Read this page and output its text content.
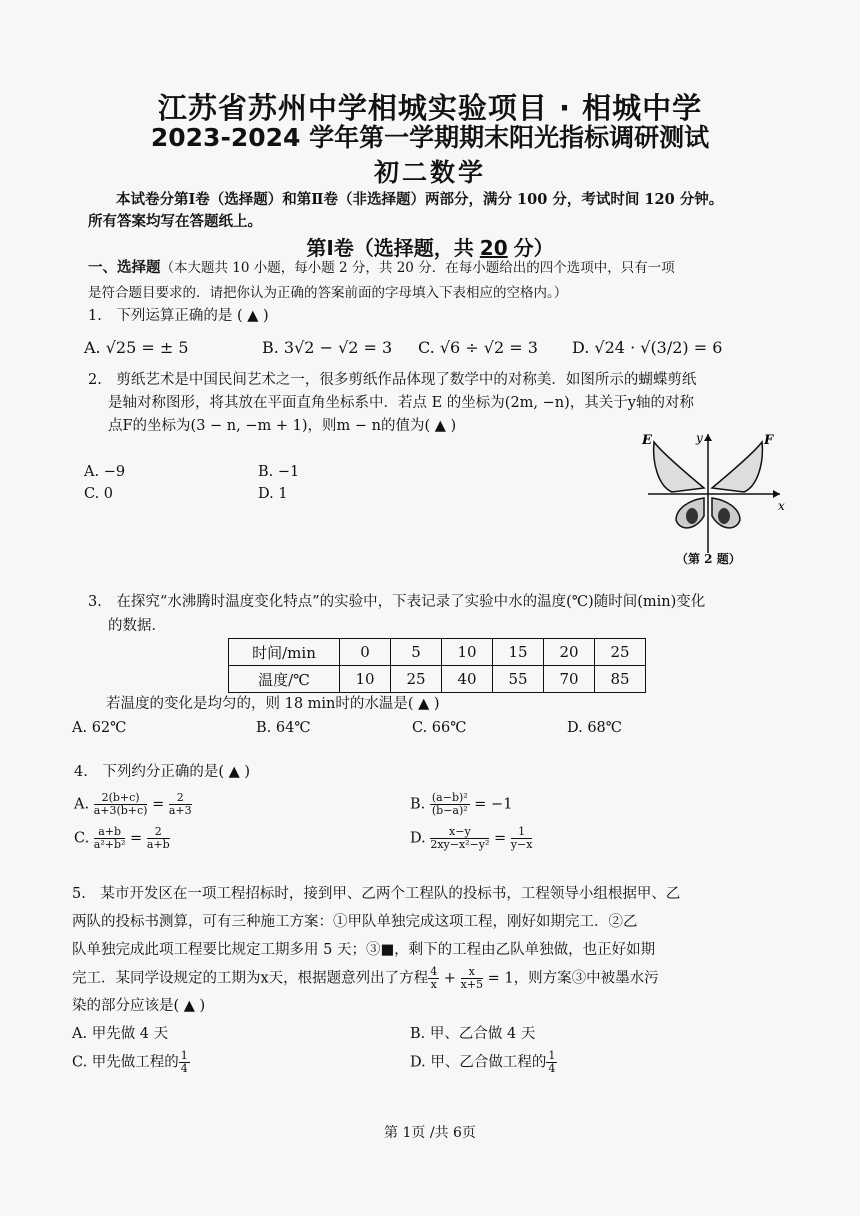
江苏省苏州中学相城实验项目 · 相城中学
2023-2024 学年第一学期期末阳光指标调研测试
初二数学
本试卷分第Ⅰ卷（选择题）和第Ⅱ卷（非选择题）两部分，满分 100 分，考试时间 120 分钟。
所有答案均写在答题纸上。
第Ⅰ卷（选择题，共 20 分）
一、选择题（本大题共 10 小题，每小题 2 分，共 20 分．在每小题给出的四个选项中，只有一项
是符合题目要求的．请把你认为正确的答案前面的字母填入下表相应的空格内。）
1.　下列运算正确的是 ( ▲ )
A. √25 = ± 5	B. 3√2 − √2 = 3 C. √6 ÷ √2 = 3 D. √24 · √(3/2) = 6
2.　剪纸艺术是中国民间艺术之一，很多剪纸作品体现了数学中的对称美．如图所示的蝴蝶剪纸
是轴对称图形，将其放在平面直角坐标系中．若点 E 的坐标为(2m, −n)，其关于y轴的对称
点F的坐标为(3 − n, −m + 1)，则m − n的值为( ▲ )
A. −9	B. −1
C. 0	D. 1
E	F
y
x
（第 2 题）
3.　在探究“水沸腾时温度变化特点”的实验中，下表记录了实验中水的温度(℃)随时间(min)变化
的数据．
时间/min	0	5	10	15	20	25
温度/℃	10	25	40	55	70	85
若温度的变化是均匀的，则 18 min时的水温是( ▲ )
A. 62℃	B. 64℃	C. 66℃	D. 68℃
4.　下列约分正确的是( ▲ )
A. $\frac{2(b+c)}{a+3(b+c)} = \frac{2}{a+3}$	B. $\frac{\text{(a−b)²}}{\text{(b−a)²}} = -1$
C. $\frac{a+b}{\text{a²+b²}} = \frac{2}{a+b}$	D. $\frac{x-y}{\text{2xy−x²−y²}} = \frac{1}{y-x}$
5.　某市开发区在一项工程招标时，接到甲、乙两个工程队的投标书，工程领导小组根据甲、乙
两队的投标书测算，可有三种施工方案：①甲队单独完成这项工程，刚好如期完工．②乙
队单独完成此项工程要比规定工期多用 5 天；③■，剩下的工程由乙队单独做，也正好如期
完工．某同学设规定的工期为x天，根据题意列出了方程 $\frac{4}{x} + \frac{x}{x+5} = 1$，则方案③中被墨水污
染的部分应该是( ▲ )
A. 甲先做 4 天	B. 甲、乙合做 4 天
C. 甲先做工程的 $\frac{1}{4}$	D. 甲、乙合做工程的 $\frac{1}{4}$
第 1页 /共 6页
